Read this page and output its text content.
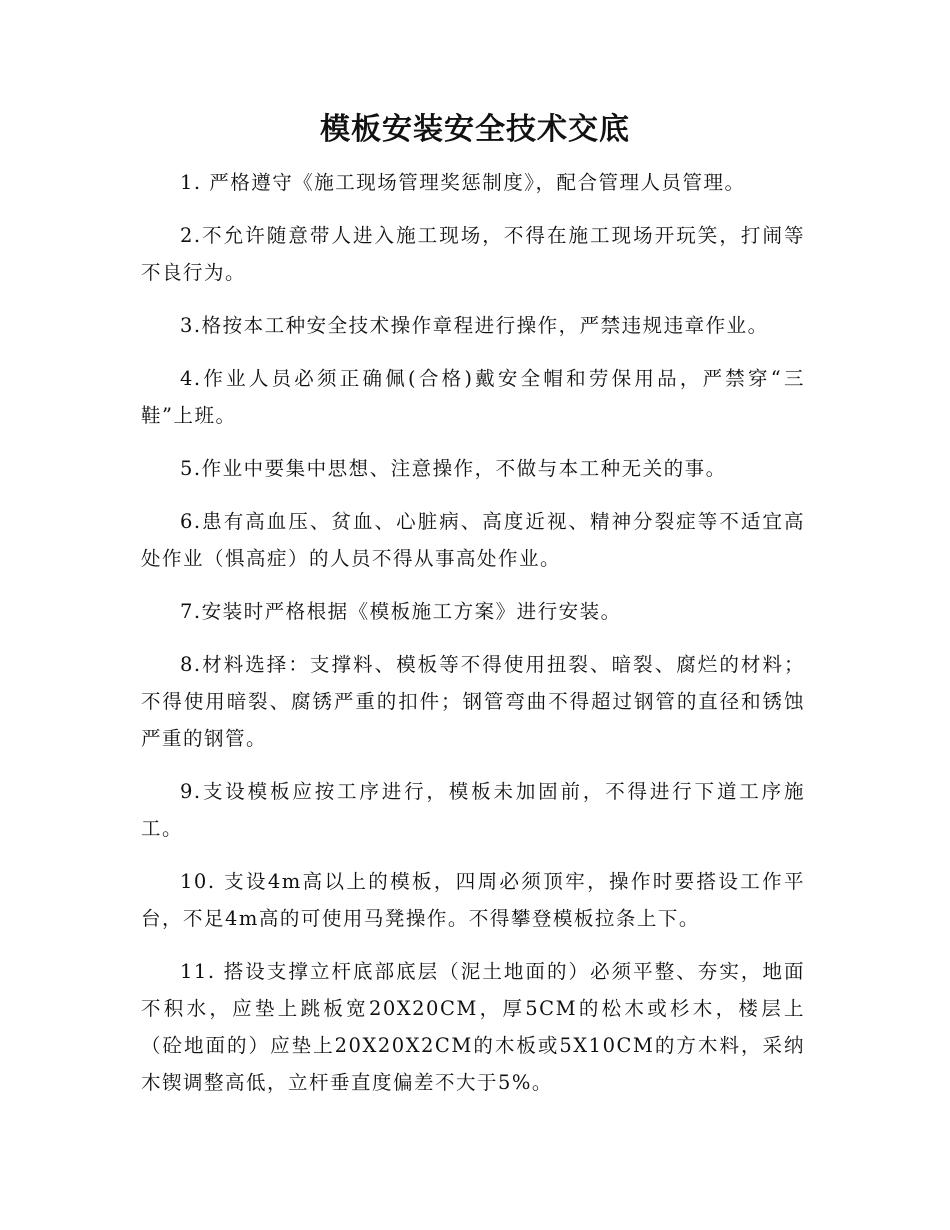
模板安装安全技术交底

1. 严格遵守《施工现场管理奖惩制度》，配合管理人员管理。

2.不允许随意带人进入施工现场，不得在施工现场开玩笑，打闹等不良行为。

3.格按本工种安全技术操作章程进行操作，严禁违规违章作业。

4.作业人员必须正确佩(合格)戴安全帽和劳保用品，严禁穿“三鞋”上班。

5.作业中要集中思想、注意操作，不做与本工种无关的事。

6.患有高血压、贫血、心脏病、高度近视、精神分裂症等不适宜高处作业（惧高症）的人员不得从事高处作业。

7.安装时严格根据《模板施工方案》进行安装。

8.材料选择：支撑料、模板等不得使用扭裂、暗裂、腐烂的材料；不得使用暗裂、腐锈严重的扣件；钢管弯曲不得超过钢管的直径和锈蚀严重的钢管。

9.支设模板应按工序进行，模板未加固前，不得进行下道工序施工。

10. 支设4m高以上的模板，四周必须顶牢，操作时要搭设工作平台，不足4m高的可使用马凳操作。不得攀登模板拉条上下。

11. 搭设支撑立杆底部底层（泥土地面的）必须平整、夯实，地面不积水，应垫上跳板宽20X20CM，厚5CM的松木或杉木，楼层上（砼地面的）应垫上20X20X2CM的木板或5X10CM的方木料，采纳木锲调整高低，立杆垂直度偏差不大于5%。
